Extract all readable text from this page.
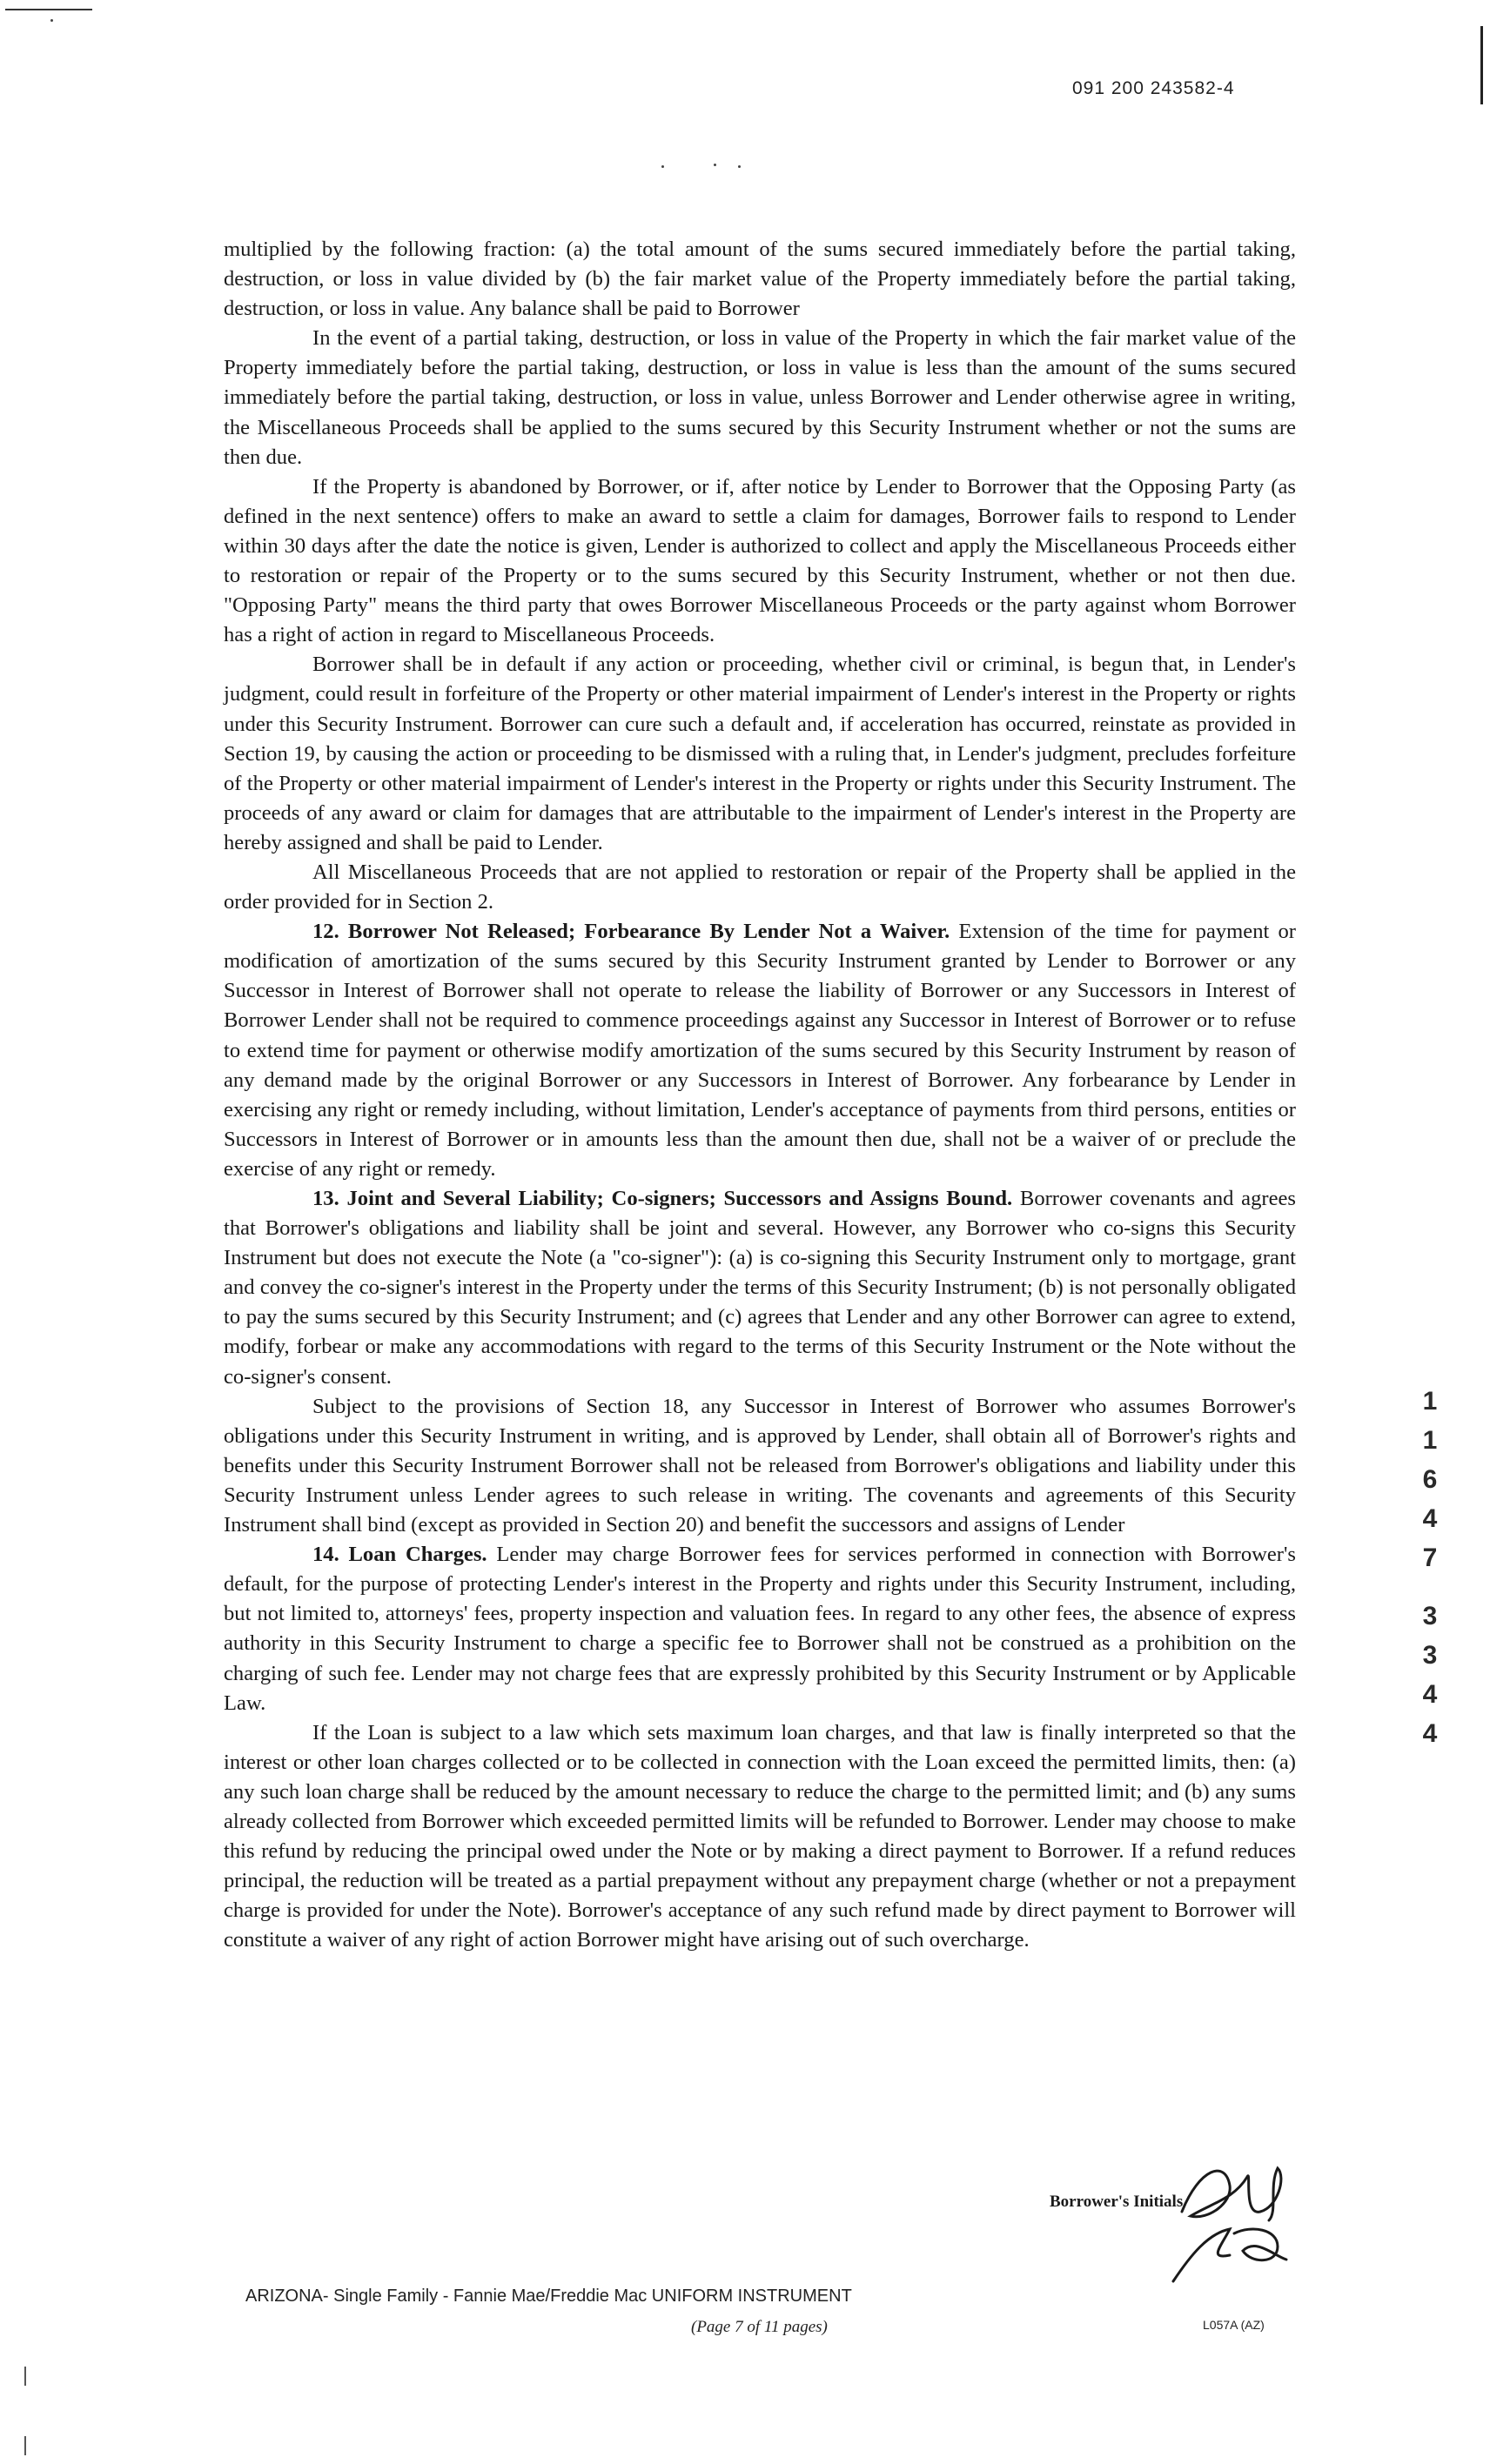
091 200 243582-4

multiplied by the following fraction: (a) the total amount of the sums secured immediately before the partial taking, destruction, or loss in value divided by (b) the fair market value of the Property immediately before the partial taking, destruction, or loss in value. Any balance shall be paid to Borrower

In the event of a partial taking, destruction, or loss in value of the Property in which the fair market value of the Property immediately before the partial taking, destruction, or loss in value is less than the amount of the sums secured immediately before the partial taking, destruction, or loss in value, unless Borrower and Lender otherwise agree in writing, the Miscellaneous Proceeds shall be applied to the sums secured by this Security Instrument whether or not the sums are then due.

If the Property is abandoned by Borrower, or if, after notice by Lender to Borrower that the Opposing Party (as defined in the next sentence) offers to make an award to settle a claim for damages, Borrower fails to respond to Lender within 30 days after the date the notice is given, Lender is authorized to collect and apply the Miscellaneous Proceeds either to restoration or repair of the Property or to the sums secured by this Security Instrument, whether or not then due. "Opposing Party" means the third party that owes Borrower Miscellaneous Proceeds or the party against whom Borrower has a right of action in regard to Miscellaneous Proceeds.

Borrower shall be in default if any action or proceeding, whether civil or criminal, is begun that, in Lender's judgment, could result in forfeiture of the Property or other material impairment of Lender's interest in the Property or rights under this Security Instrument. Borrower can cure such a default and, if acceleration has occurred, reinstate as provided in Section 19, by causing the action or proceeding to be dismissed with a ruling that, in Lender's judgment, precludes forfeiture of the Property or other material impairment of Lender's interest in the Property or rights under this Security Instrument. The proceeds of any award or claim for damages that are attributable to the impairment of Lender's interest in the Property are hereby assigned and shall be paid to Lender.

All Miscellaneous Proceeds that are not applied to restoration or repair of the Property shall be applied in the order provided for in Section 2.

12. Borrower Not Released; Forbearance By Lender Not a Waiver. Extension of the time for payment or modification of amortization of the sums secured by this Security Instrument granted by Lender to Borrower or any Successor in Interest of Borrower shall not operate to release the liability of Borrower or any Successors in Interest of Borrower Lender shall not be required to commence proceedings against any Successor in Interest of Borrower or to refuse to extend time for payment or otherwise modify amortization of the sums secured by this Security Instrument by reason of any demand made by the original Borrower or any Successors in Interest of Borrower. Any forbearance by Lender in exercising any right or remedy including, without limitation, Lender's acceptance of payments from third persons, entities or Successors in Interest of Borrower or in amounts less than the amount then due, shall not be a waiver of or preclude the exercise of any right or remedy.

13. Joint and Several Liability; Co-signers; Successors and Assigns Bound. Borrower covenants and agrees that Borrower's obligations and liability shall be joint and several. However, any Borrower who co-signs this Security Instrument but does not execute the Note (a "co-signer"): (a) is co-signing this Security Instrument only to mortgage, grant and convey the co-signer's interest in the Property under the terms of this Security Instrument; (b) is not personally obligated to pay the sums secured by this Security Instrument; and (c) agrees that Lender and any other Borrower can agree to extend, modify, forbear or make any accommodations with regard to the terms of this Security Instrument or the Note without the co-signer's consent.

Subject to the provisions of Section 18, any Successor in Interest of Borrower who assumes Borrower's obligations under this Security Instrument in writing, and is approved by Lender, shall obtain all of Borrower's rights and benefits under this Security Instrument Borrower shall not be released from Borrower's obligations and liability under this Security Instrument unless Lender agrees to such release in writing. The covenants and agreements of this Security Instrument shall bind (except as provided in Section 20) and benefit the successors and assigns of Lender

14. Loan Charges. Lender may charge Borrower fees for services performed in connection with Borrower's default, for the purpose of protecting Lender's interest in the Property and rights under this Security Instrument, including, but not limited to, attorneys' fees, property inspection and valuation fees. In regard to any other fees, the absence of express authority in this Security Instrument to charge a specific fee to Borrower shall not be construed as a prohibition on the charging of such fee. Lender may not charge fees that are expressly prohibited by this Security Instrument or by Applicable Law.

If the Loan is subject to a law which sets maximum loan charges, and that law is finally interpreted so that the interest or other loan charges collected or to be collected in connection with the Loan exceed the permitted limits, then: (a) any such loan charge shall be reduced by the amount necessary to reduce the charge to the permitted limit; and (b) any sums already collected from Borrower which exceeded permitted limits will be refunded to Borrower. Lender may choose to make this refund by reducing the principal owed under the Note or by making a direct payment to Borrower. If a refund reduces principal, the reduction will be treated as a partial prepayment without any prepayment charge (whether or not a prepayment charge is provided for under the Note). Borrower's acceptance of any such refund made by direct payment to Borrower will constitute a waiver of any right of action Borrower might have arising out of such overcharge.

1
1
6
4
7
3
3
4
4
Borrower's Initials
ARIZONA- Single Family - Fannie Mae/Freddie Mac UNIFORM INSTRUMENT
(Page 7 of 11 pages)	L057A (AZ)
